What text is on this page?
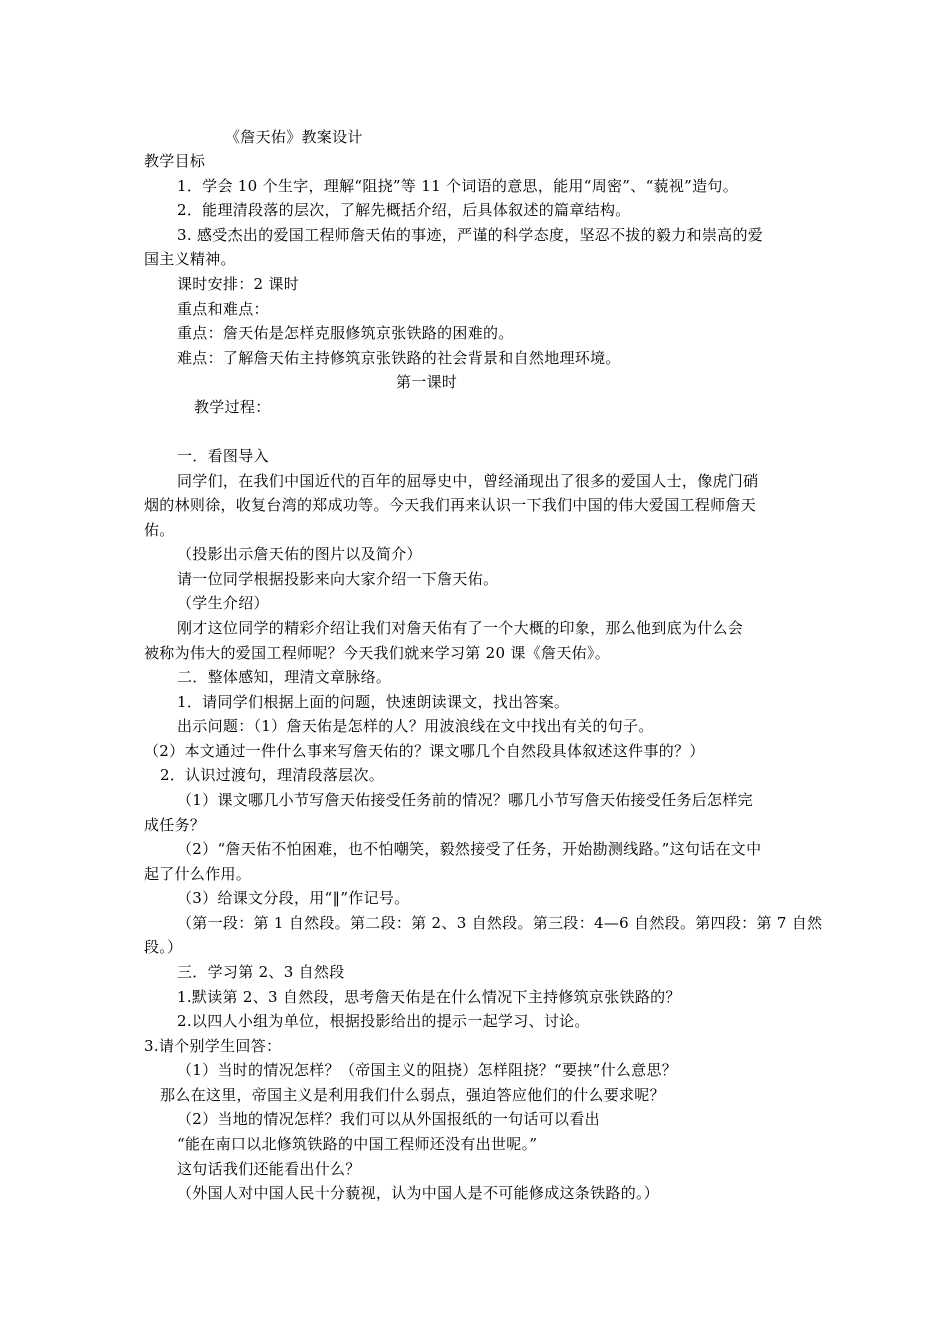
《詹天佑》教案设计
教学目标
1．学会 10 个生字，理解“阻挠”等 11 个词语的意思，能用“周密”、“藐视”造句。
2．能理清段落的层次，了解先概括介绍，后具体叙述的篇章结构。
3. 感受杰出的爱国工程师詹天佑的事迹，严谨的科学态度，坚忍不拔的毅力和崇高的爱
国主义精神。
课时安排：2 课时
重点和难点：
重点：詹天佑是怎样克服修筑京张铁路的困难的。
难点：了解詹天佑主持修筑京张铁路的社会背景和自然地理环境。
第一课时
教学过程：
一．看图导入
同学们，在我们中国近代的百年的屈辱史中，曾经涌现出了很多的爱国人士，像虎门硝
烟的林则徐，收复台湾的郑成功等。今天我们再来认识一下我们中国的伟大爱国工程师詹天
佑。
（投影出示詹天佑的图片以及简介）
请一位同学根据投影来向大家介绍一下詹天佑。
（学生介绍）
刚才这位同学的精彩介绍让我们对詹天佑有了一个大概的印象，那么他到底为什么会
被称为伟大的爱国工程师呢？今天我们就来学习第 20 课《詹天佑》。
二．整体感知，理清文章脉络。
1．请同学们根据上面的问题，快速朗读课文，找出答案。
出示问题：（1）詹天佑是怎样的人？用波浪线在文中找出有关的句子。
（2）本文通过一件什么事来写詹天佑的？课文哪几个自然段具体叙述这件事的？）
2．认识过渡句，理清段落层次。
（1）课文哪几小节写詹天佑接受任务前的情况？哪几小节写詹天佑接受任务后怎样完
成任务？
（2）“詹天佑不怕困难，也不怕嘲笑，毅然接受了任务，开始勘测线路。”这句话在文中
起了什么作用。
（3）给课文分段，用“‖”作记号。
（第一段：第 1 自然段。第二段：第 2、3 自然段。第三段：4—6 自然段。第四段：第 7 自然
段。）
三．学习第 2、3 自然段
1.默读第 2、3 自然段，思考詹天佑是在什么情况下主持修筑京张铁路的？
2.以四人小组为单位，根据投影给出的提示一起学习、讨论。
3.请个别学生回答：
（1）当时的情况怎样？（帝国主义的阻挠）怎样阻挠？“要挟”什么意思？
那么在这里，帝国主义是利用我们什么弱点，强迫答应他们的什么要求呢？
（2）当地的情况怎样？我们可以从外国报纸的一句话可以看出
“能在南口以北修筑铁路的中国工程师还没有出世呢。”
这句话我们还能看出什么？
（外国人对中国人民十分藐视，认为中国人是不可能修成这条铁路的。）
